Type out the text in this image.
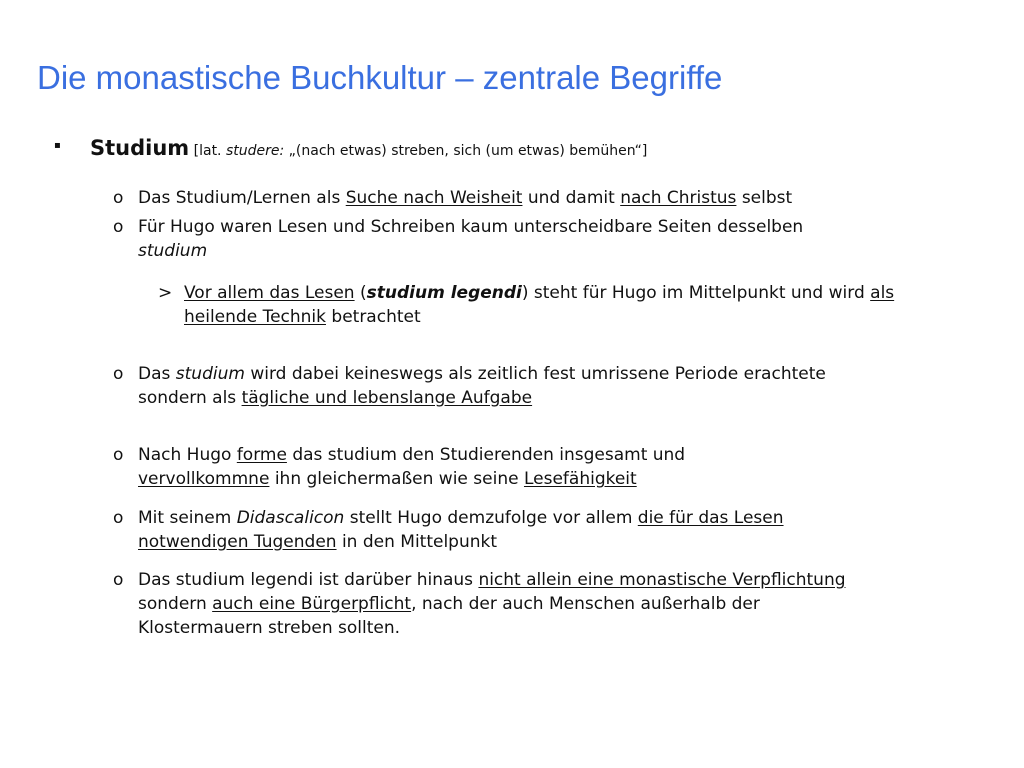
Die monastische Buchkultur – zentrale Begriffe
▪ Studium [lat. studere: „(nach etwas) streben, sich (um etwas) bemühen“]
o Das Studium/Lernen als Suche nach Weisheit und damit nach Christus selbst
o Für Hugo waren Lesen und Schreiben kaum unterscheidbare Seiten desselben studium
> Vor allem das Lesen (studium legendi) steht für Hugo im Mittelpunkt und wird als heilende Technik betrachtet
o Das studium wird dabei keineswegs als zeitlich fest umrissene Periode erachtete sondern als tägliche und lebenslange Aufgabe
o Nach Hugo forme das studium den Studierenden insgesamt und vervollkommne ihn gleichermaßen wie seine Lesefähigkeit
o Mit seinem Didascalicon stellt Hugo demzufolge vor allem die für das Lesen notwendigen Tugenden in den Mittelpunkt
o Das studium legendi ist darüber hinaus nicht allein eine monastische Verpflichtung sondern auch eine Bürgerpflicht, nach der auch Menschen außerhalb der Klostermauern streben sollten.
